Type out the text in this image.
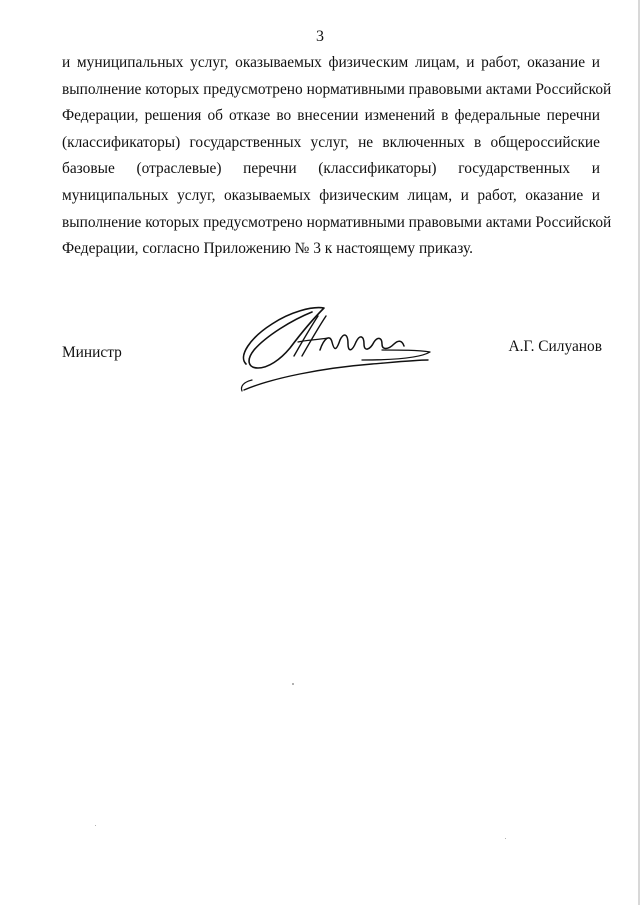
3
и муниципальных услуг, оказываемых физическим лицам, и работ, оказание и
выполнение которых предусмотрено нормативными правовыми актами Российской
Федерации, решения об отказе во внесении изменений в федеральные перечни
(классификаторы) государственных услуг, не включенных в общероссийские
базовые (отраслевые) перечни (классификаторы) государственных и
муниципальных услуг, оказываемых физическим лицам, и работ, оказание и
выполнение которых предусмотрено нормативными правовыми актами Российской
Федерации, согласно Приложению № 3 к настоящему приказу.
Министр	А.Г. Силуанов
